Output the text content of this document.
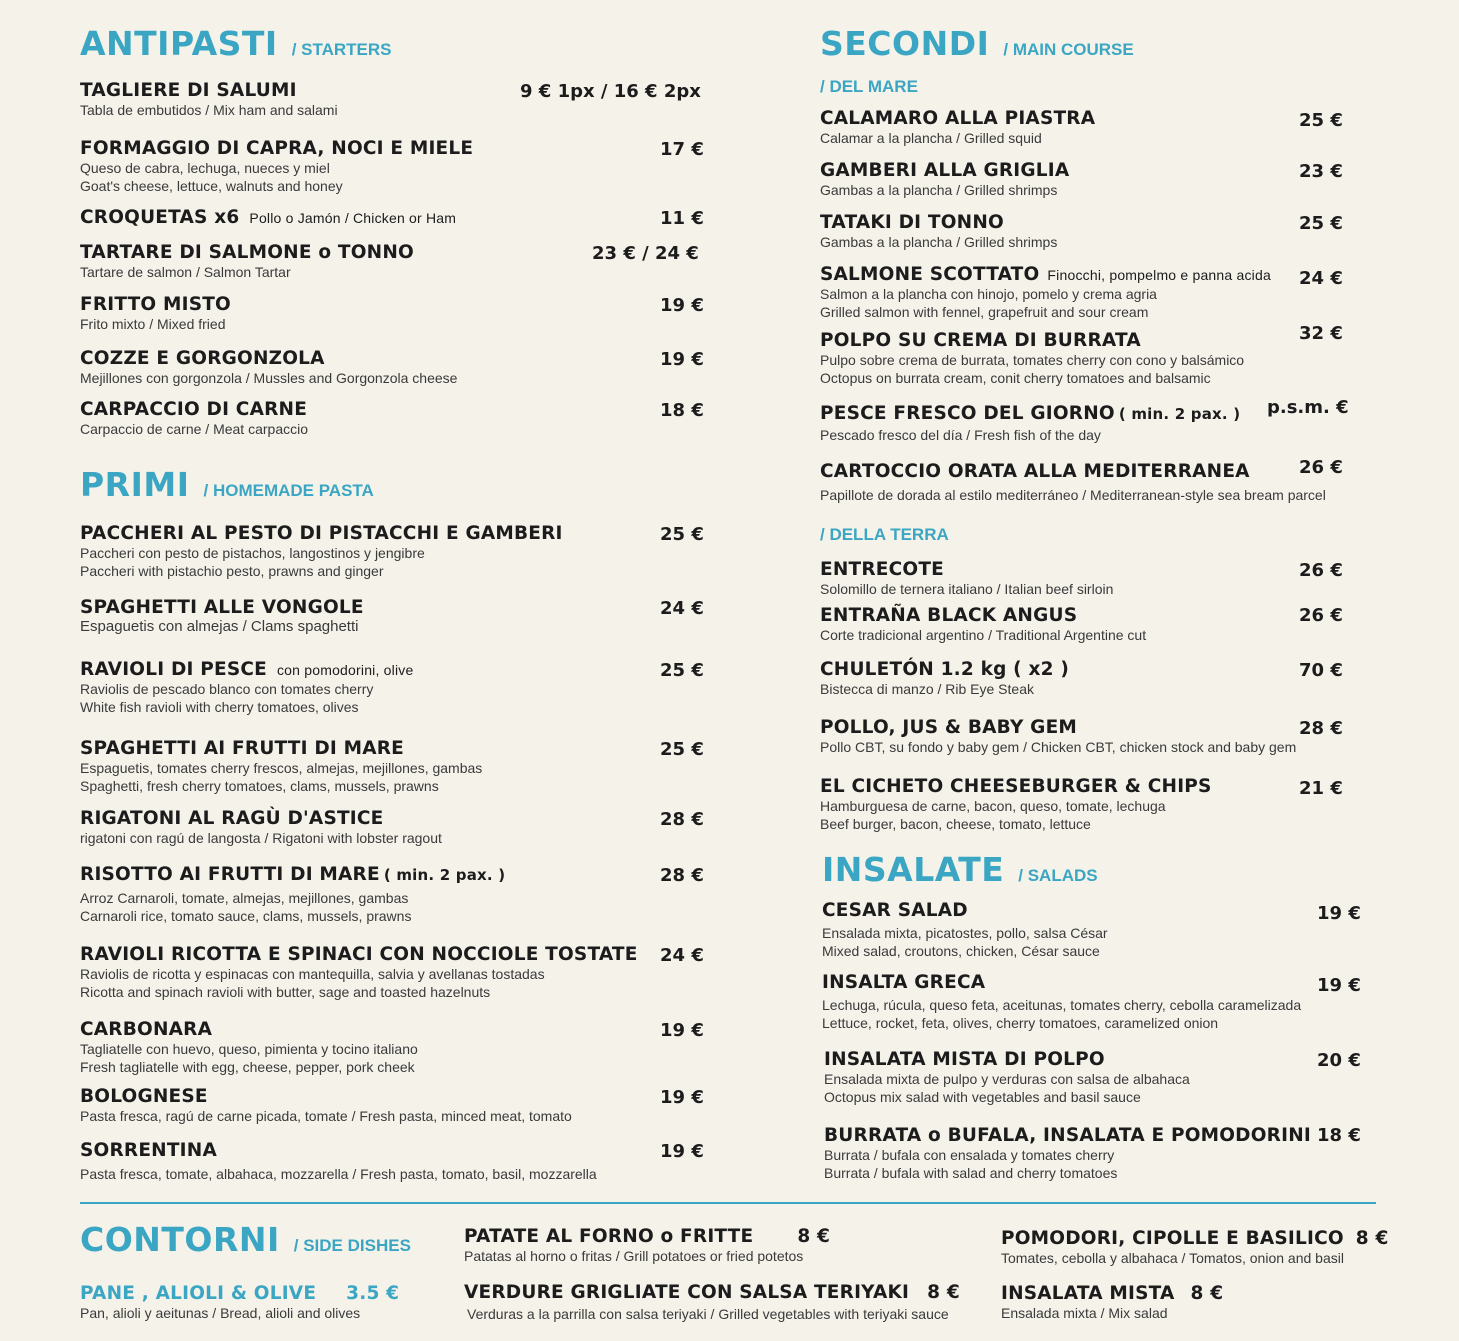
ANTIPASTI / STARTERS
TAGLIERE DI SALUMI
Tabla de embutidos / Mix ham and salami
9 € 1px / 16 € 2px
FORMAGGIO DI CAPRA, NOCI E MIELE
Queso de cabra, lechuga, nueces y miel
Goat's cheese, lettuce, walnuts and honey
17 €
CROQUETAS x6 Pollo o Jamón / Chicken or Ham	11 €
TARTARE DI SALMONE o TONNO
Tartare de salmon / Salmon Tartar
23 € / 24 €
FRITTO MISTO
Frito mixto / Mixed fried
19 €
COZZE E GORGONZOLA
Mejillones con gorgonzola / Mussles and Gorgonzola cheese
19 €
CARPACCIO DI CARNE
Carpaccio de carne / Meat carpaccio
18 €
PRIMI / HOMEMADE PASTA
PACCHERI AL PESTO DI PISTACCHI E GAMBERI
Paccheri con pesto de pistachos, langostinos y jengibre
Paccheri with pistachio pesto, prawns and ginger
25 €
SPAGHETTI ALLE VONGOLE
Espaguetis con almejas / Clams spaghetti
24 €
RAVIOLI DI PESCE con pomodorini, olive
Raviolis de pescado blanco con tomates cherry
White fish ravioli with cherry tomatoes, olives
25 €
SPAGHETTI AI FRUTTI DI MARE
Espaguetis, tomates cherry frescos, almejas, mejillones, gambas
Spaghetti, fresh cherry tomatoes, clams, mussels, prawns
25 €
RIGATONI AL RAGÙ D'ASTICE
rigatoni con ragú de langosta / Rigatoni with lobster ragout
28 €
RISOTTO AI FRUTTI DI MARE ( min. 2 pax. )
Arroz Carnaroli, tomate, almejas, mejillones, gambas
Carnaroli rice, tomato sauce, clams, mussels, prawns
28 €
RAVIOLI RICOTTA E SPINACI CON NOCCIOLE TOSTATE
Raviolis de ricotta y espinacas con mantequilla, salvia y avellanas tostadas
Ricotta and spinach ravioli with butter, sage and toasted hazelnuts
24 €
CARBONARA
Tagliatelle con huevo, queso, pimienta y tocino italiano
Fresh tagliatelle with egg, cheese, pepper, pork cheek
19 €
BOLOGNESE
Pasta fresca, ragú de carne picada, tomate / Fresh pasta, minced meat, tomato
19 €
SORRENTINA
Pasta fresca, tomate, albahaca, mozzarella / Fresh pasta, tomato, basil, mozzarella
19 €
SECONDI / MAIN COURSE
/ DEL MARE
CALAMARO ALLA PIASTRA
Calamar a la plancha / Grilled squid
25 €
GAMBERI ALLA GRIGLIA
Gambas a la plancha / Grilled shrimps
23 €
TATAKI DI TONNO
Gambas a la plancha / Grilled shrimps
25 €
SALMONE SCOTTATO Finocchi, pompelmo e panna acida
Salmon a la plancha con hinojo, pomelo y crema agria
Grilled salmon with fennel, grapefruit and sour cream
24 €
POLPO SU CREMA DI BURRATA
Pulpo sobre crema de burrata, tomates cherry con cono y balsámico
Octopus on burrata cream, conit cherry tomatoes and balsamic
32 €
PESCE FRESCO DEL GIORNO ( min. 2 pax. )
Pescado fresco del día / Fresh fish of the day
p.s.m. €
CARTOCCIO ORATA ALLA MEDITERRANEA
Papillote de dorada al estilo mediterráneo / Mediterranean-style sea bream parcel
26 €
/ DELLA TERRA
ENTRECOTE
Solomillo de ternera italiano / Italian beef sirloin
26 €
ENTRAÑA BLACK ANGUS
Corte tradicional argentino / Traditional Argentine cut
26 €
CHULETÓN 1.2 kg ( x2 )
Bistecca di manzo / Rib Eye Steak
70 €
POLLO, JUS & BABY GEM
Pollo CBT, su fondo y baby gem / Chicken CBT, chicken stock and baby gem
28 €
EL CICHETO CHEESEBURGER & CHIPS
Hamburguesa de carne, bacon, queso, tomate, lechuga
Beef burger, bacon, cheese, tomato, lettuce
21 €
INSALATE / SALADS
CESAR SALAD
Ensalada mixta, picatostes, pollo, salsa César
Mixed salad, croutons, chicken, César sauce
19 €
INSALTA GRECA
Lechuga, rúcula, queso feta, aceitunas, tomates cherry, cebolla caramelizada
Lettuce, rocket, feta, olives, cherry tomatoes, caramelized onion
19 €
INSALATA MISTA DI POLPO
Ensalada mixta de pulpo y verduras con salsa de albahaca
Octopus mix salad with vegetables and basil sauce
20 €
BURRATA o BUFALA, INSALATA E POMODORINI
Burrata / bufala con ensalada y tomates cherry
Burrata / bufala with salad and cherry tomatoes
18 €
CONTORNI / SIDE DISHES
PANE , ALIOLI & OLIVE 3.5 €
Pan, alioli y aeitunas / Bread, alioli and olives
PATATE AL FORNO o FRITTE 8 €
Patatas al horno o fritas / Grill potatoes or fried potetos
VERDURE GRIGLIATE CON SALSA TERIYAKI 8 €
Verduras a la parrilla con salsa teriyaki / Grilled vegetables with teriyaki sauce
POMODORI, CIPOLLE E BASILICO 8 €
Tomates, cebolla y albahaca / Tomatos, onion and basil
INSALATA MISTA 8 €
Ensalada mixta / Mix salad
